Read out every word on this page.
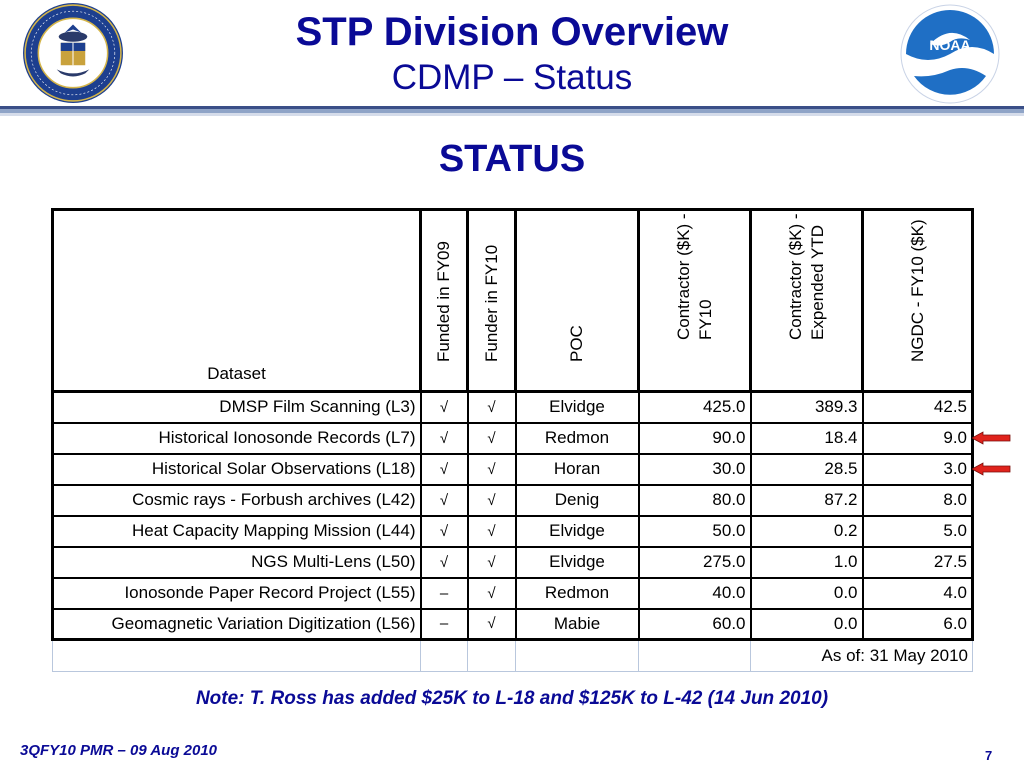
NOAA
STP Division Overview
CDMP – Status
STATUS
Dataset	Funded in FY09	Funder in FY10	POC	Contractor ($K) - FY10	Contractor ($K) - Expended YTD	NGDC - FY10 ($K)

DMSP Film Scanning (L3)	√	√	Elvidge	425.0	389.3	42.5
Historical Ionosonde Records (L7)	√	√	Redmon	90.0	18.4	9.0
Historical Solar Observations (L18)	√	√	Horan	30.0	28.5	3.0
Cosmic rays - Forbush archives (L42)	√	√	Denig	80.0	87.2	8.0
Heat Capacity Mapping Mission (L44)	√	√	Elvidge	50.0	0.2	5.0
NGS Multi-Lens (L50)	√	√	Elvidge	275.0	1.0	27.5
Ionosonde Paper Record Project (L55)	–	√	Redmon	40.0	0.0	4.0
Geomagnetic Variation Digitization (L56)	–	√	Mabie	60.0	0.0	6.0
					As of: 31 May 2010	
Note: T. Ross has added $25K to L-18 and $125K to L-42 (14 Jun 2010)
3QFY10 PMR – 09 Aug 2010	7
